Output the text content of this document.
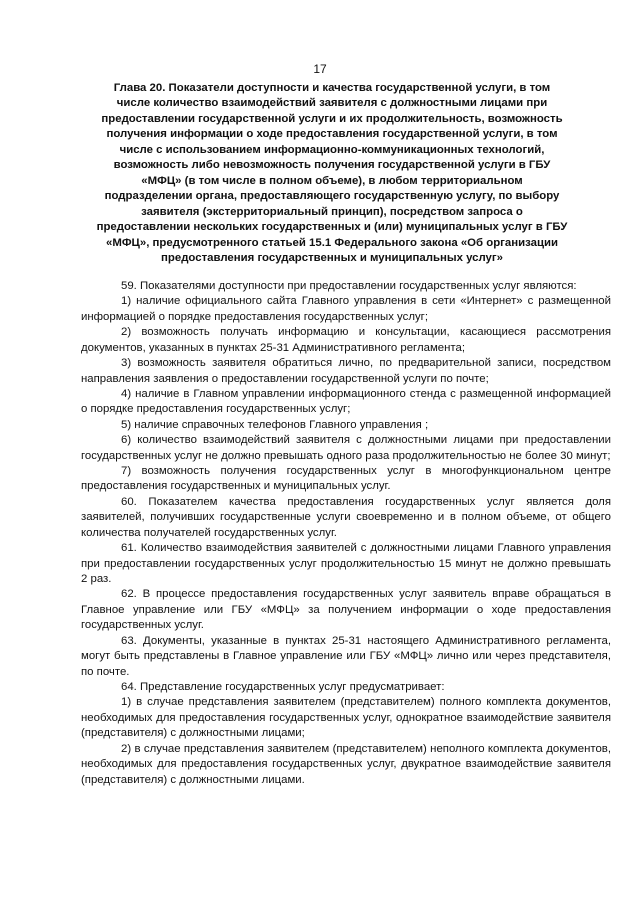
17
Глава 20. Показатели доступности и качества государственной услуги, в том
числе количество взаимодействий заявителя с должностными лицами при
предоставлении государственной услуги и их продолжительность, возможность
получения информации о ходе предоставления государственной услуги, в том
числе с использованием информационно-коммуникационных технологий,
возможность либо невозможность получения государственной услуги в ГБУ
«МФЦ» (в том числе в полном объеме), в любом территориальном
подразделении органа, предоставляющего государственную услугу, по выбору
заявителя (экстерриториальный принцип), посредством запроса о
предоставлении нескольких государственных и (или) муниципальных услуг в ГБУ
«МФЦ», предусмотренного статьей 15.1 Федерального закона «Об организации
предоставления государственных и муниципальных услуг»

59. Показателями доступности при предоставлении государственных услуг являются:

1) наличие официального сайта Главного управления в сети «Интернет» с размещенной информацией о порядке предоставления государственных услуг;

2) возможность получать информацию и консультации, касающиеся рассмотрения документов, указанных в пунктах 25-31 Административного регламента;

3) возможность заявителя обратиться лично, по предварительной записи, посредством направления заявления о предоставлении государственной услуги по почте;

4) наличие в Главном управлении информационного стенда с размещенной информацией о порядке предоставления государственных услуг;

5) наличие справочных телефонов Главного управления ;

6) количество взаимодействий заявителя с должностными лицами при предоставлении государственных услуг не должно превышать одного раза продолжительностью не более 30 минут;

7) возможность получения государственных услуг в многофункциональном центре предоставления государственных и муниципальных услуг.

60. Показателем качества предоставления государственных услуг является доля заявителей, получивших государственные услуги своевременно и в полном объеме, от общего количества получателей государственных услуг.

61. Количество взаимодействия заявителей с должностными лицами Главного управления при предоставлении государственных услуг продолжительностью 15 минут не должно превышать 2 раз.

62. В процессе предоставления государственных услуг заявитель вправе обращаться в Главное управление или ГБУ «МФЦ» за получением информации о ходе предоставления государственных услуг.

63. Документы, указанные в пунктах 25-31 настоящего Административного регламента, могут быть представлены в Главное управление или ГБУ «МФЦ» лично или через представителя, по почте.

64. Представление государственных услуг предусматривает:

1) в случае представления заявителем (представителем) полного комплекта документов, необходимых для предоставления государственных услуг, однократное взаимодействие заявителя (представителя) с должностными лицами;

2) в случае представления заявителем (представителем) неполного комплекта документов, необходимых для предоставления государственных услуг, двукратное взаимодействие заявителя (представителя) с должностными лицами.
